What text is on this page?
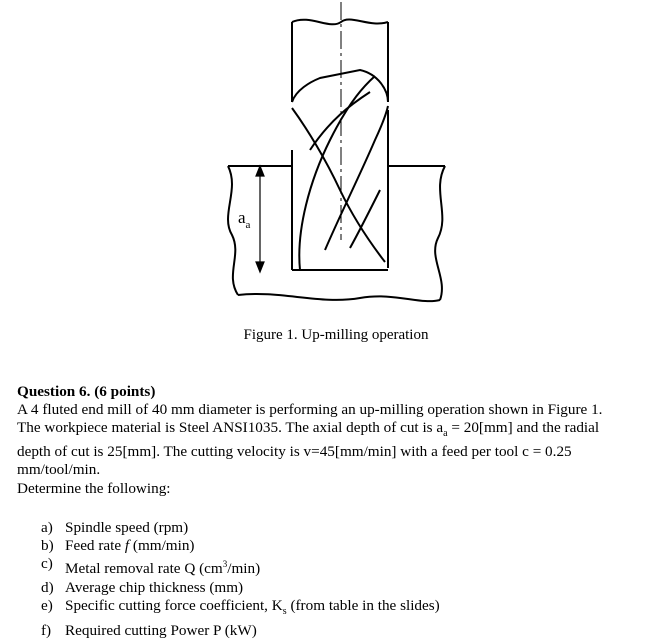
$a_a$
Figure 1. Up-milling operation
Question 6. (6 points)
A 4 fluted end mill of 40 mm diameter is performing an up-milling operation shown in Figure 1.
The workpiece material is Steel ANSI1035. The axial depth of cut is $a_a = 20[mm]$ and the radial
depth of cut is 25[mm]. The cutting velocity is v=45[mm/min] with a feed per tool c = 0.25
mm/tool/min.
Determine the following:
a) Spindle speed (rpm)
b) Feed rate f (mm/min)
c) Metal removal rate Q $(cm^3/\min)$
d) Average chip thickness (mm)
e) Specific cutting force coefficient, $K_s$ (from table in the slides)
f) Required cutting Power P (kW)
